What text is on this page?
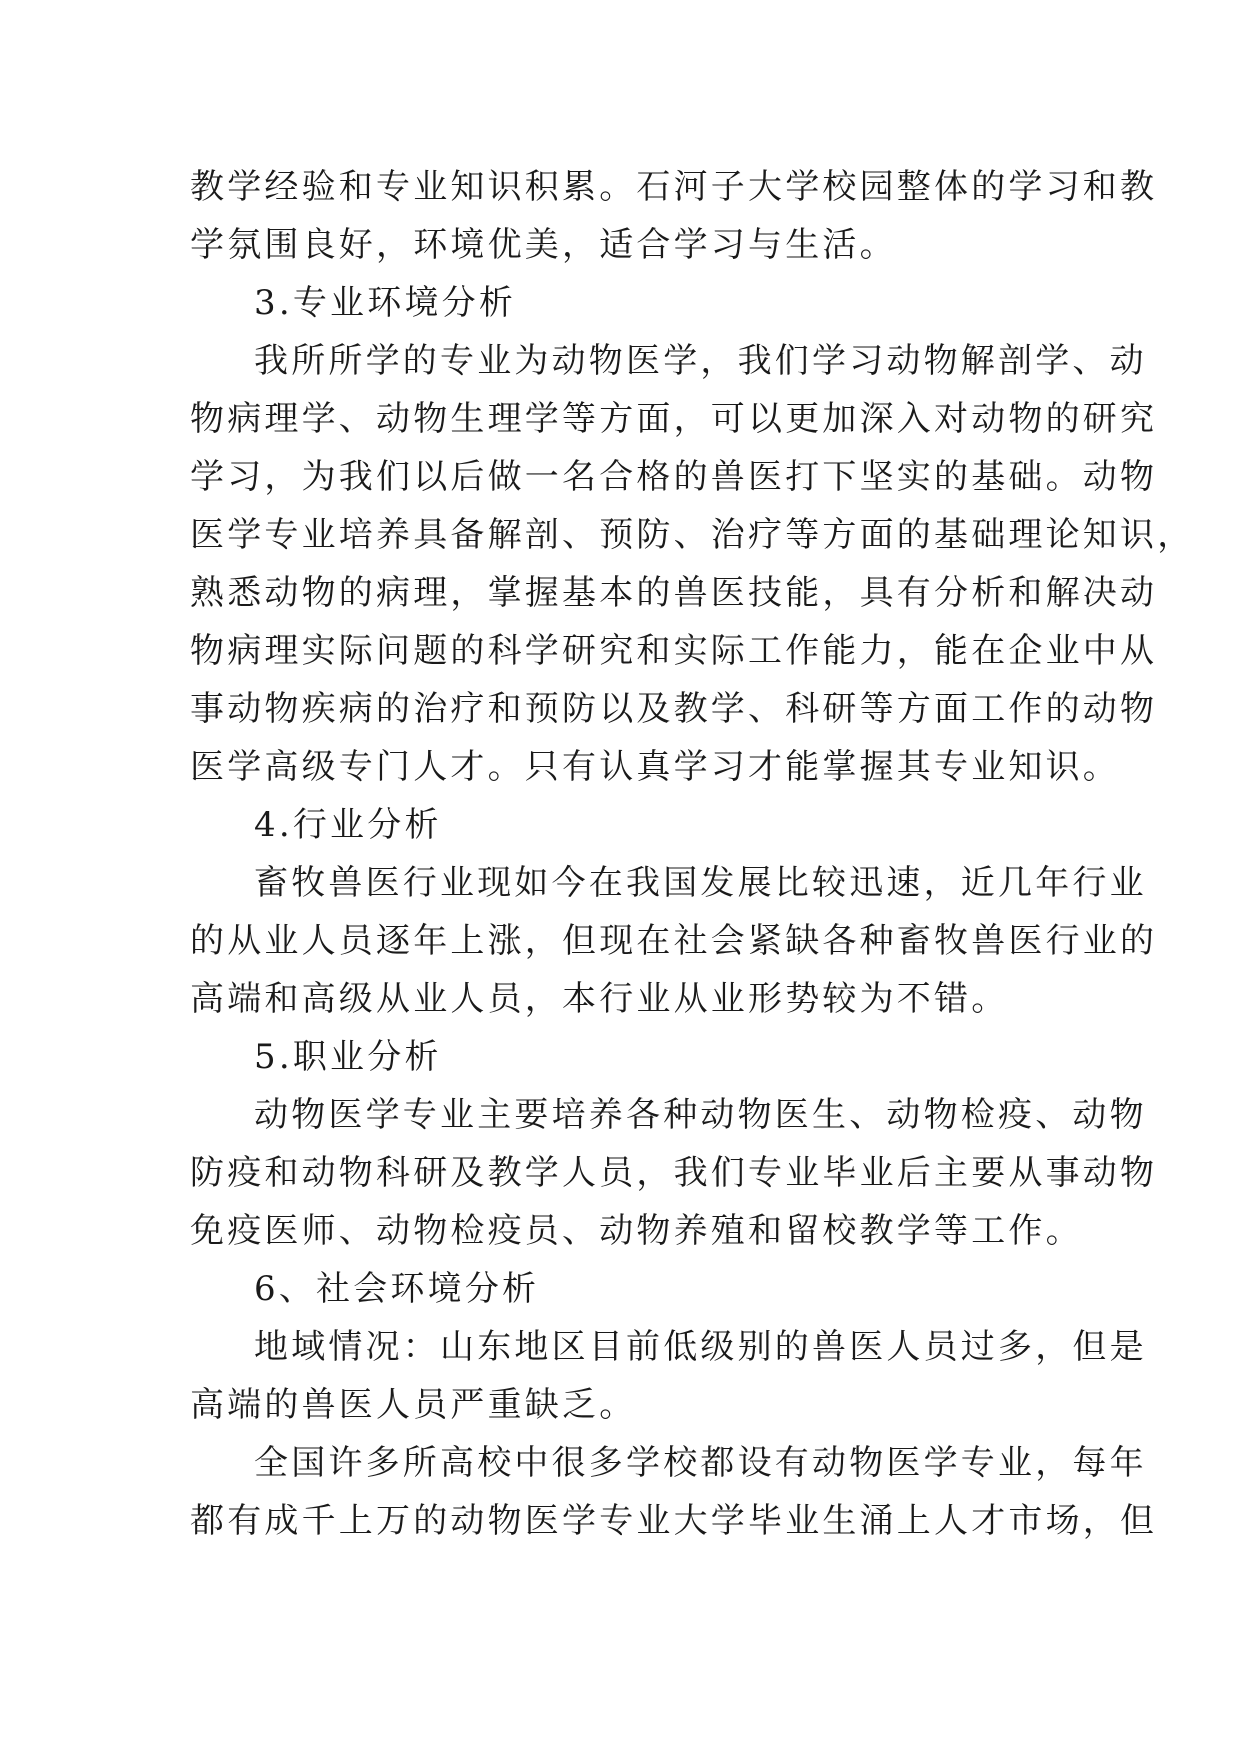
教学经验和专业知识积累。石河子大学校园整体的学习和教
学氛围良好，环境优美，适合学习与生活。
3.专业环境分析
我所所学的专业为动物医学，我们学习动物解剖学、动
物病理学、动物生理学等方面，可以更加深入对动物的研究
学习，为我们以后做一名合格的兽医打下坚实的基础。动物
医学专业培养具备解剖、预防、治疗等方面的基础理论知识，
熟悉动物的病理，掌握基本的兽医技能，具有分析和解决动
物病理实际问题的科学研究和实际工作能力，能在企业中从
事动物疾病的治疗和预防以及教学、科研等方面工作的动物
医学高级专门人才。只有认真学习才能掌握其专业知识。
4.行业分析
畜牧兽医行业现如今在我国发展比较迅速，近几年行业
的从业人员逐年上涨，但现在社会紧缺各种畜牧兽医行业的
高端和高级从业人员，本行业从业形势较为不错。
5.职业分析
动物医学专业主要培养各种动物医生、动物检疫、动物
防疫和动物科研及教学人员，我们专业毕业后主要从事动物
免疫医师、动物检疫员、动物养殖和留校教学等工作。
6、社会环境分析
地域情况：山东地区目前低级别的兽医人员过多，但是
高端的兽医人员严重缺乏。
全国许多所高校中很多学校都设有动物医学专业，每年
都有成千上万的动物医学专业大学毕业生涌上人才市场，但
